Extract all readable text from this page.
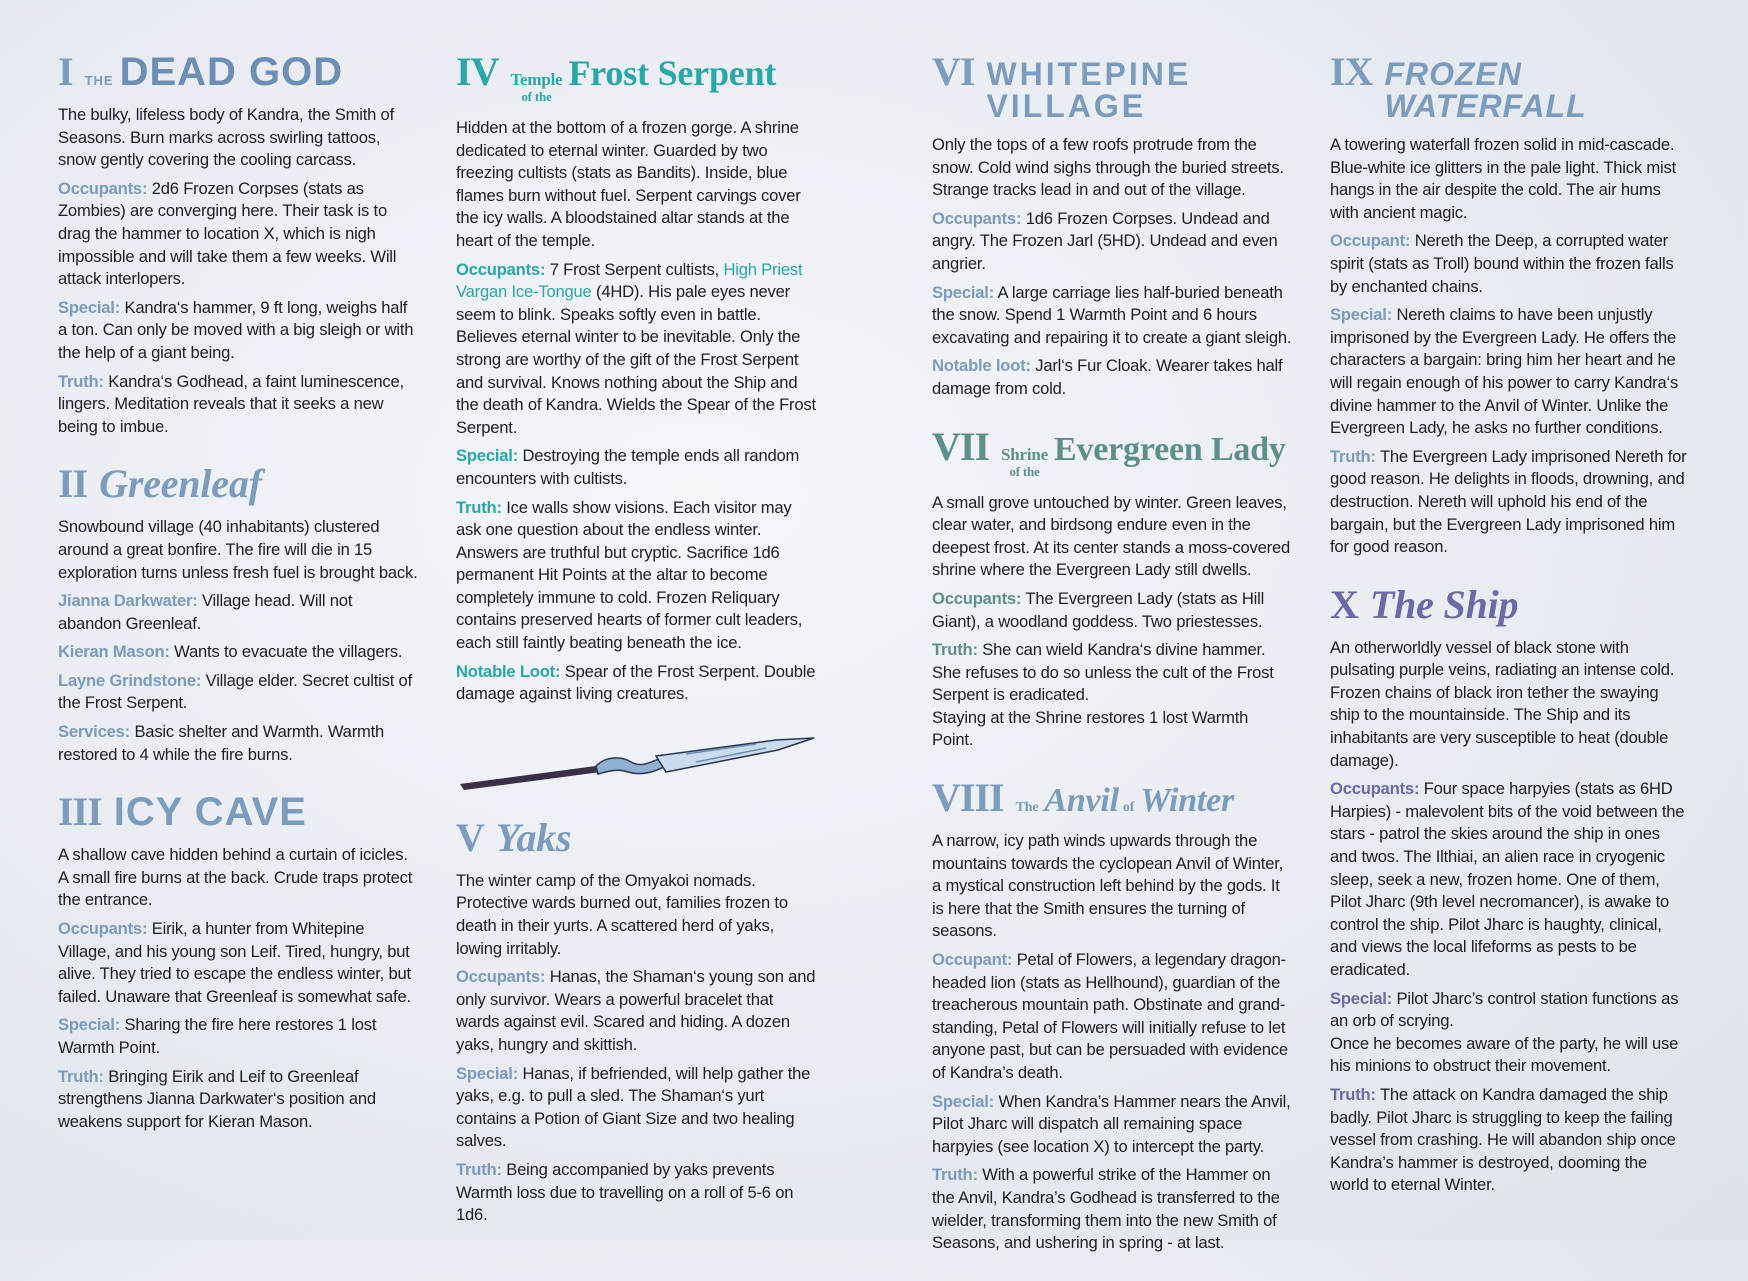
I THE DEAD GOD

The bulky, lifeless body of Kandra, the Smith of Seasons. Burn marks across swirling tattoos, snow gently covering the cooling carcass.

Occupants: 2d6 Frozen Corpses (stats as Zombies) are converging here. Their task is to drag the hammer to location X, which is nigh impossible and will take them a few weeks. Will attack interlopers.

Special: Kandra‘s hammer, 9 ft long, weighs half a ton. Can only be moved with a big sleigh or with the help of a giant being.

Truth: Kandra‘s Godhead, a faint luminescence, lingers. Meditation reveals that it seeks a new being to imbue.

II Greenleaf

Snowbound village (40 inhabitants) clustered around a great bonfire. The fire will die in 15 exploration turns unless fresh fuel is brought back.

Jianna Darkwater: Village head. Will not abandon Greenleaf.

Kieran Mason: Wants to evacuate the villagers.

Layne Grindstone: Village elder. Secret cultist of the Frost Serpent.

Services: Basic shelter and Warmth. Warmth restored to 4 while the fire burns.

III ICY CAVE

A shallow cave hidden behind a curtain of icicles. A small fire burns at the back. Crude traps protect the entrance.

Occupants: Eirik, a hunter from Whitepine Village, and his young son Leif. Tired, hungry, but alive. They tried to escape the endless winter, but failed. Unaware that Greenleaf is somewhat safe.

Special: Sharing the fire here restores 1 lost Warmth Point.

Truth: Bringing Eirik and Leif to Greenleaf strengthens Jianna Darkwater‘s position and weakens support for Kieran Mason.

IV Temple
of the
Frost Serpent

Hidden at the bottom of a frozen gorge. A shrine dedicated to eternal winter. Guarded by two freezing cultists (stats as Bandits). Inside, blue flames burn without fuel. Serpent carvings cover the icy walls. A bloodstained altar stands at the heart of the temple.

Occupants: 7 Frost Serpent cultists, High Priest Vargan Ice-Tongue (4HD). His pale eyes never seem to blink. Speaks softly even in battle. Believes eternal winter to be inevitable. Only the strong are worthy of the gift of the Frost Serpent and survival. Knows nothing about the Ship and the death of Kandra. Wields the Spear of the Frost Serpent.

Special: Destroying the temple ends all random encounters with cultists.

Truth: Ice walls show visions. Each visitor may ask one question about the endless winter. Answers are truthful but cryptic. Sacrifice 1d6 permanent Hit Points at the altar to become completely immune to cold. Frozen Reliquary contains preserved hearts of former cult leaders, each still faintly beating beneath the ice.

Notable Loot: Spear of the Frost Serpent. Double damage against living creatures.

V Yaks

The winter camp of the Omyakoi nomads. Protective wards burned out, families frozen to death in their yurts. A scattered herd of yaks, lowing irritably.

Occupants: Hanas, the Shaman‘s young son and only survivor. Wears a powerful bracelet that wards against evil. Scared and hiding. A dozen yaks, hungry and skittish.

Special: Hanas, if befriended, will help gather the yaks, e.g. to pull a sled. The Shaman‘s yurt contains a Potion of Giant Size and two healing salves.

Truth: Being accompanied by yaks prevents Warmth loss due to travelling on a roll of 5-6 on 1d6.

VI WHITEPINE VILLAGE

Only the tops of a few roofs protrude from the snow. Cold wind sighs through the buried streets. Strange tracks lead in and out of the village.

Occupants: 1d6 Frozen Corpses. Undead and angry. The Frozen Jarl (5HD). Undead and even angrier.

Special: A large carriage lies half-buried beneath the snow. Spend 1 Warmth Point and 6 hours excavating and repairing it to create a giant sleigh.

Notable loot: Jarl‘s Fur Cloak. Wearer takes half damage from cold.

VII Shrine
of the
Evergreen Lady

A small grove untouched by winter. Green leaves, clear water, and birdsong endure even in the deepest frost. At its center stands a moss-covered shrine where the Evergreen Lady still dwells.

Occupants: The Evergreen Lady (stats as Hill Giant), a woodland goddess. Two priestesses.

Truth: She can wield Kandra‘s divine hammer. She refuses to do so unless the cult of the Frost Serpent is eradicated.

Staying at the Shrine restores 1 lost Warmth Point.

VIII The Anvil of Winter

A narrow, icy path winds upwards through the mountains towards the cyclopean Anvil of Winter, a mystical construction left behind by the gods. It is here that the Smith ensures the turning of seasons.

Occupant: Petal of Flowers, a legendary dragon-headed lion (stats as Hellhound), guardian of the treacherous mountain path. Obstinate and grand-standing, Petal of Flowers will initially refuse to let anyone past, but can be persuaded with evidence of Kandra’s death.

Special: When Kandra’s Hammer nears the Anvil, Pilot Jharc will dispatch all remaining space harpyies (see location X) to intercept the party.

Truth: With a powerful strike of the Hammer on the Anvil, Kandra’s Godhead is transferred to the wielder, transforming them into the new Smith of Seasons, and ushering in spring - at last.

IX FROZEN WATERFALL

A towering waterfall frozen solid in mid-cascade. Blue-white ice glitters in the pale light. Thick mist hangs in the air despite the cold. The air hums with ancient magic.

Occupant: Nereth the Deep, a corrupted water spirit (stats as Troll) bound within the frozen falls by enchanted chains.

Special: Nereth claims to have been unjustly imprisoned by the Evergreen Lady. He offers the characters a bargain: bring him her heart and he will regain enough of his power to carry Kandra‘s divine hammer to the Anvil of Winter. Unlike the Evergreen Lady, he asks no further conditions.

Truth: The Evergreen Lady imprisoned Nereth for good reason. He delights in floods, drowning, and destruction. Nereth will uphold his end of the bargain, but the Evergreen Lady imprisoned him for good reason.

X The Ship

An otherworldly vessel of black stone with pulsating purple veins, radiating an intense cold. Frozen chains of black iron tether the swaying ship to the mountainside. The Ship and its inhabitants are very susceptible to heat (double damage).

Occupants: Four space harpyies (stats as 6HD Harpies) - malevolent bits of the void between the stars - patrol the skies around the ship in ones and twos. The Ilthiai, an alien race in cryogenic sleep, seek a new, frozen home. One of them, Pilot Jharc (9th level necromancer), is awake to control the ship. Pilot Jharc is haughty, clinical, and views the local lifeforms as pests to be eradicated.

Special: Pilot Jharc’s control station functions as an orb of scrying.

Once he becomes aware of the party, he will use his minions to obstruct their movement.

Truth: The attack on Kandra damaged the ship badly. Pilot Jharc is struggling to keep the failing vessel from crashing. He will abandon ship once Kandra’s hammer is destroyed, dooming the world to eternal Winter.
